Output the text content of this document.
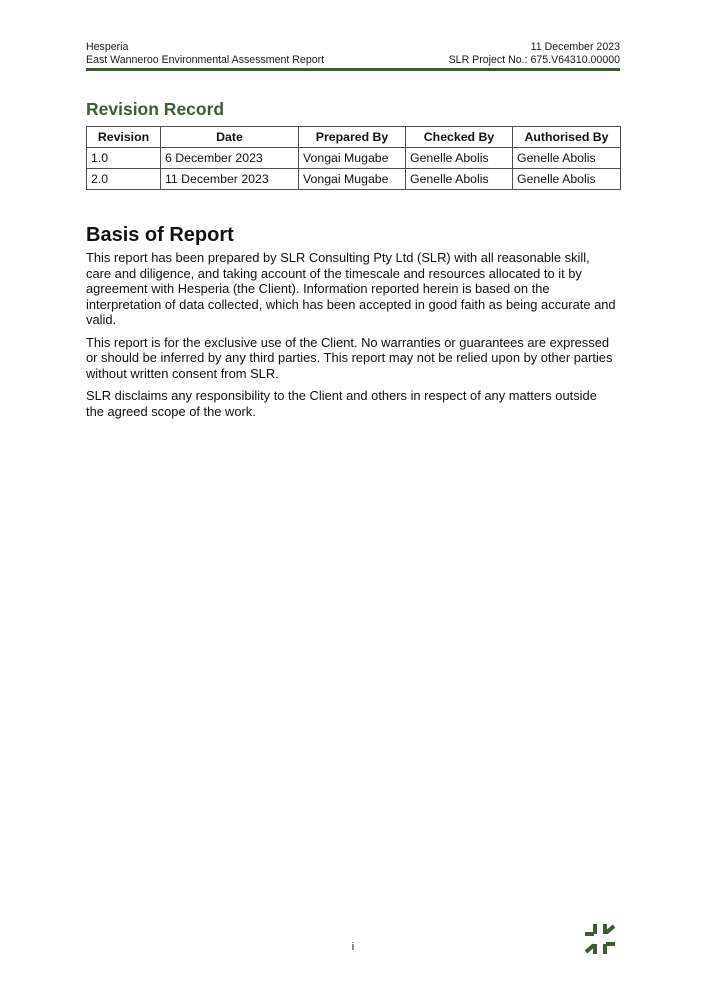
Hesperia	11 December 2023
East Wanneroo Environmental Assessment Report	SLR Project No.: 675.V64310.00000
Revision Record
Revision	Date	Prepared By	Checked By	Authorised By
1.0	6 December 2023	Vongai Mugabe	Genelle Abolis	Genelle Abolis
2.0	11 December 2023	Vongai Mugabe	Genelle Abolis	Genelle Abolis
Basis of Report

This report has been prepared by SLR Consulting Pty Ltd (SLR) with all reasonable skill, care and diligence, and taking account of the timescale and resources allocated to it by agreement with Hesperia (the Client). Information reported herein is based on the interpretation of data collected, which has been accepted in good faith as being accurate and valid.

This report is for the exclusive use of the Client. No warranties or guarantees are expressed or should be inferred by any third parties. This report may not be relied upon by other parties without written consent from SLR.

SLR disclaims any responsibility to the Client and others in respect of any matters outside the agreed scope of the work.

i
